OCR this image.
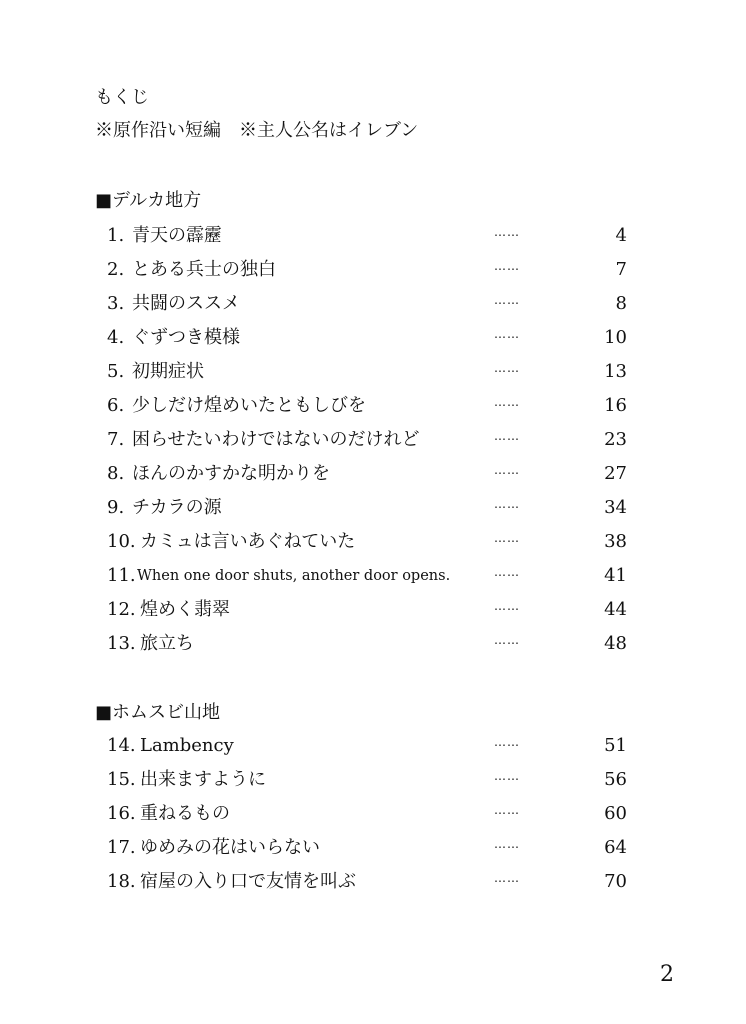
もくじ
※原作沿い短編　※主人公名はイレブン
■デルカ地方
■ホムスビ山地
1. 青天の霹靂	……	4
2. とある兵士の独白	……	7
3. 共闘のススメ	……	8
4. ぐずつき模様	……	10
5. 初期症状	……	13
6. 少しだけ煌めいたともしびを	……	16
7. 困らせたいわけではないのだけれど	……	23
8. ほんのかすかな明かりを	……	27
9. チカラの源	……	34
10. カミュは言いあぐねていた	……	38
11. When one door shuts, another door opens.	……	41
12. 煌めく翡翠	……	44
13. 旅立ち	……	48
14. Lambency	……	51
15. 出来ますように	……	56
16. 重ねるもの	……	60
17. ゆめみの花はいらない	……	64
18. 宿屋の入り口で友情を叫ぶ	……	70
2
